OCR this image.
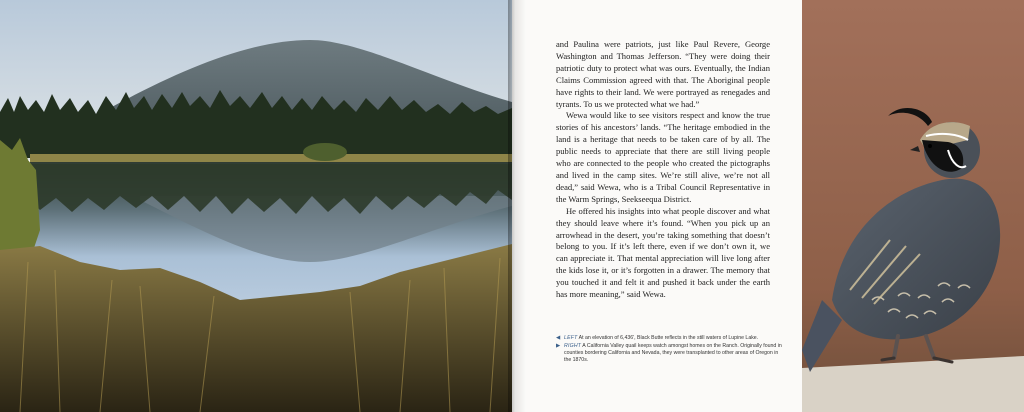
and Paulina were patriots, just like Paul Revere, George Washington and Thomas Jefferson. “They were doing their patriotic duty to protect what was ours. Eventually, the Indian Claims Commission agreed with that. The Aboriginal people have rights to their land. We were portrayed as renegades and tyrants. To us we protected what we had.”

Wewa would like to see visitors respect and know the true stories of his ancestors’ lands. “The heritage embodied in the land is a heritage that needs to be taken care of by all. The public needs to appreciate that there are still living people who are connected to the people who created the pictographs and lived in the camp sites. We’re still alive, we’re not all dead,” said Wewa, who is a Tribal Council Representative in the Warm Springs, Seekseequa District.

He offered his insights into what people discover and what they should leave where it’s found. “When you pick up an arrowhead in the desert, you’re taking something that doesn’t belong to you. If it’s left there, even if we don’t own it, we can appreciate it. That mental appreciation will live long after the kids lose it, or it’s forgotten in a drawer. The memory that you touched it and felt it and pushed it back under the earth has more meaning,” said Wewa.

◀ LEFT At an elevation of 6,436', Black Butte reflects in the still waters of Lupine Lake.
▶ RIGHT A California Valley quail keeps watch amongst homes on the Ranch. Originally found in counties bordering California and Nevada, they were transplanted to other areas of Oregon in the 1870s.
